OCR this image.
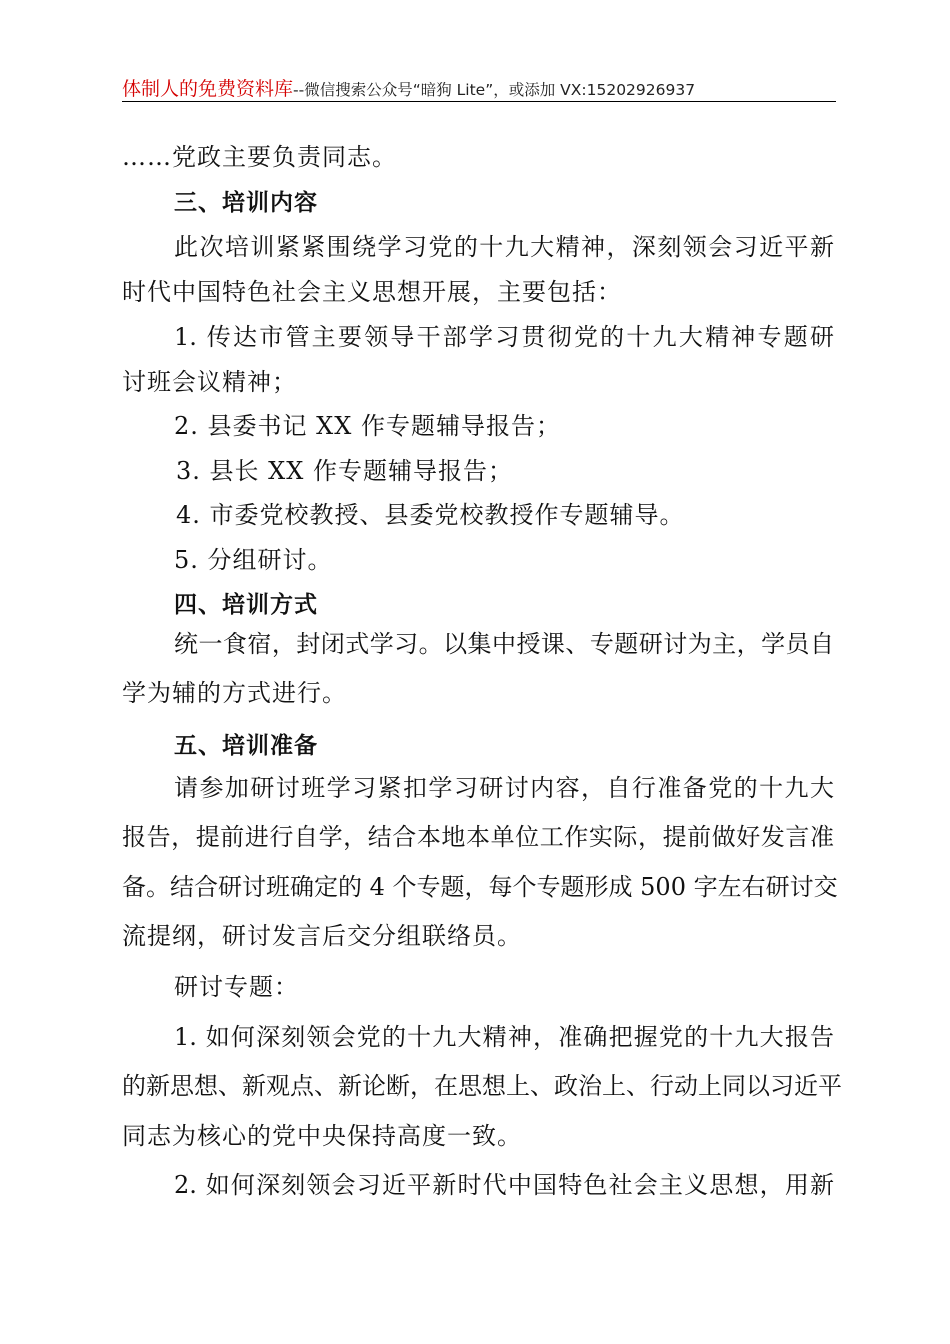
体制人的免费资料库--微信搜索公众号“暗狗 Lite”，或添加 VX:15202926937
……党政主要负责同志。
三、培训内容
此次培训紧紧围绕学习党的十九大精神，深刻领会习近平新
时代中国特色社会主义思想开展，主要包括：
1. 传达市管主要领导干部学习贯彻党的十九大精神专题研
讨班会议精神；
2. 县委书记 XX 作专题辅导报告；
3. 县长 XX 作专题辅导报告；
4. 市委党校教授、县委党校教授作专题辅导。
5. 分组研讨。
四、培训方式
统一食宿，封闭式学习。以集中授课、专题研讨为主，学员自
学为辅的方式进行。
五、培训准备
请参加研讨班学习紧扣学习研讨内容，自行准备党的十九大
报告，提前进行自学，结合本地本单位工作实际，提前做好发言准
备。结合研讨班确定的 4 个专题，每个专题形成 500 字左右研讨交
流提纲，研讨发言后交分组联络员。
研讨专题：
1. 如何深刻领会党的十九大精神，准确把握党的十九大报告
的新思想、新观点、新论断，在思想上、政治上、行动上同以习近平
同志为核心的党中央保持高度一致。
2. 如何深刻领会习近平新时代中国特色社会主义思想，用新
